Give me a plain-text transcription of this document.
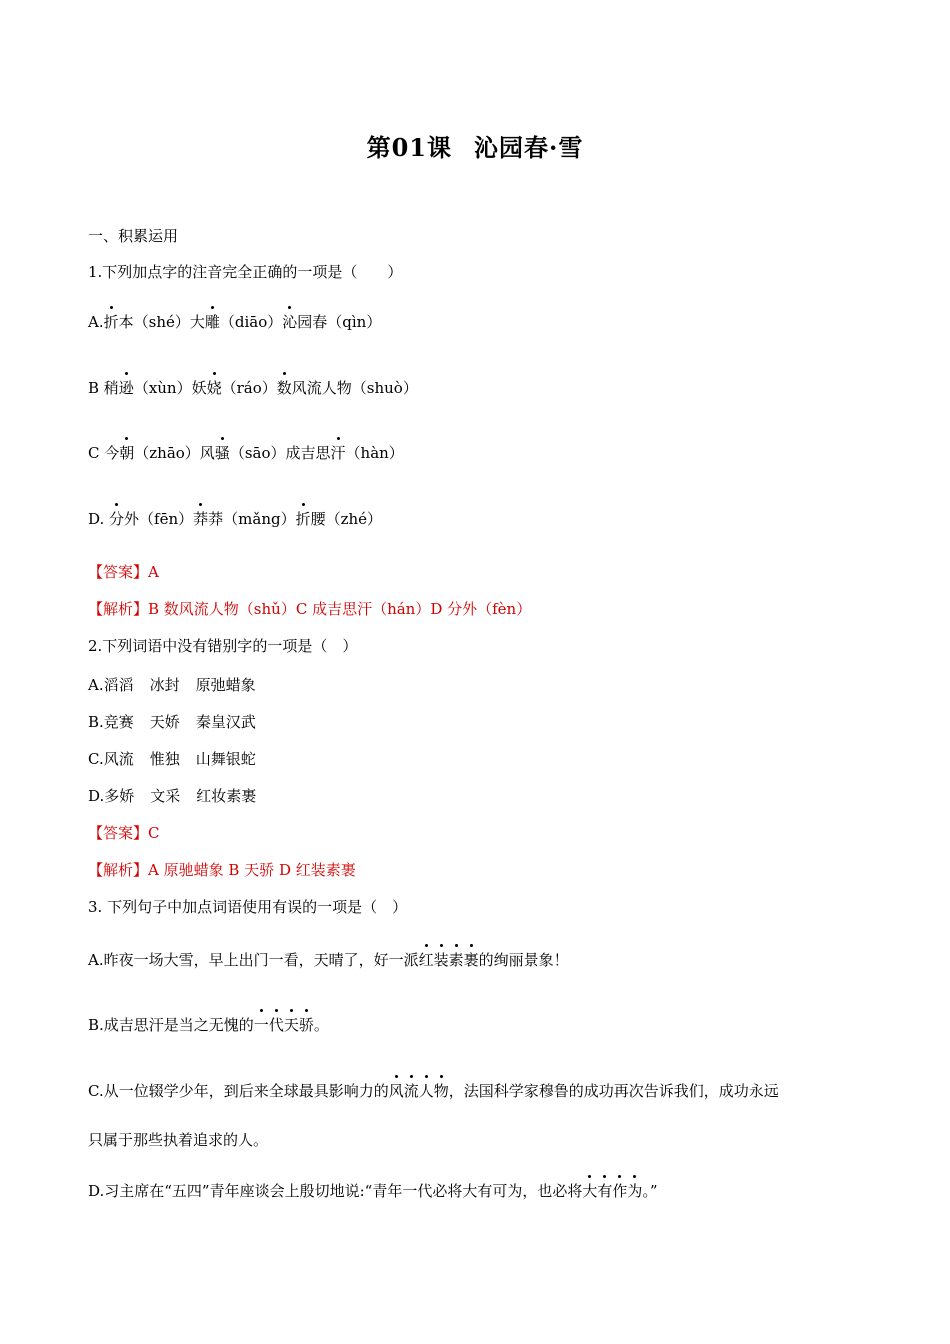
第01课 沁园春·雪
一、积累运用
1.下列加点字的注音完全正确的一项是（　　）
A.折本（shé）大雕（diāo）沁园春（qìn）
B 稍逊（xùn）妖娆（ráo）数风流人物（shuò）
C 今朝（zhāo）风骚（sāo）成吉思汗（hàn）
D. 分外（fēn）莽莽（mǎng）折腰（zhé）
【答案】A
【解析】B 数风流人物（shǔ）C 成吉思汗（hán）D 分外（fèn）
2.下列词语中没有错别字的一项是（　）
A.滔滔 冰封 原弛蜡象
B.竞赛 天娇 秦皇汉武
C.风流 惟独 山舞银蛇
D.多娇 文采 红妆素裹
【答案】C
【解析】A 原驰蜡象 B 天骄 D 红装素裹
3. 下列句子中加点词语使用有误的一项是（　）
A.昨夜一场大雪，早上出门一看，天晴了，好一派红装素裹的绚丽景象！
B.成吉思汗是当之无愧的一代天骄。
C.从一位辍学少年，到后来全球最具影响力的风流人物，法国科学家穆鲁的成功再次告诉我们，成功永远
只属于那些执着追求的人。
D.习主席在“五四”青年座谈会上殷切地说:“青年一代必将大有可为，也必将大有作为。”
